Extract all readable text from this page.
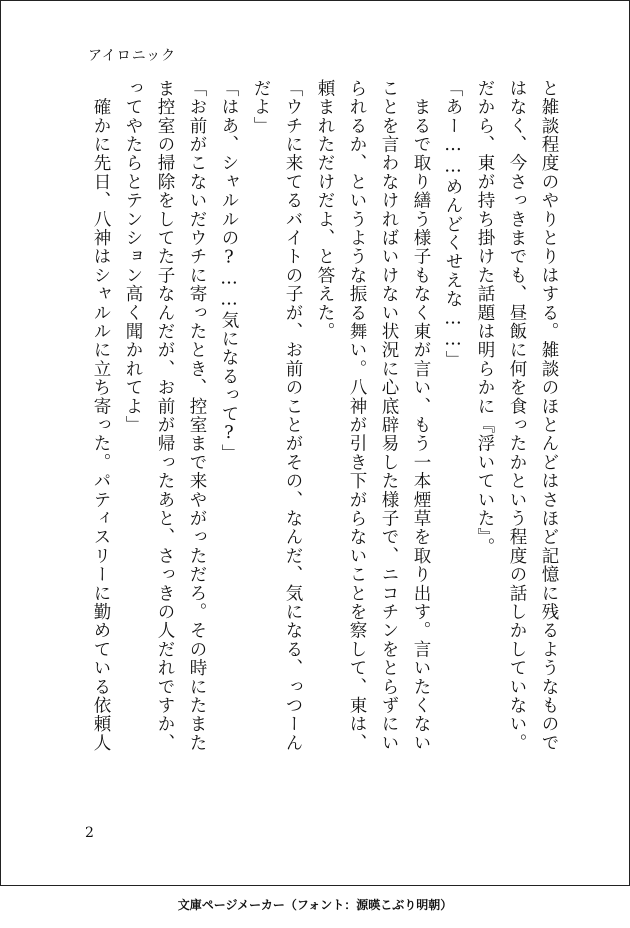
アイロニック
と雑談程度のやりとりはする。雑談のほとんどはさほど記憶に残るようなもので
はなく、今さっきまでも、昼飯に何を食ったかという程度の話しかしていない。
だから、東が持ち掛けた話題は明らかに『浮いていた』。
「あー……めんどくせえな……」
　まるで取り繕う様子もなく東が言い、もう一本煙草を取り出す。言いたくない
ことを言わなければいけない状況に心底辟易した様子で、ニコチンをとらずにい
られるか、というような振る舞い。八神が引き下がらないことを察して、東は、
頼まれただけだよ、と答えた。
「ウチに来てるバイトの子が、お前のことがその、なんだ、気になる、っつーん
だよ」
「はあ、シャルルの?……気になるって?」
「お前がこないだウチに寄ったとき、控室まで来やがっただろ。その時にたまた
ま控室の掃除をしてた子なんだが、お前が帰ったあと、さっきの人だれですか、
ってやたらとテンション高く聞かれてよ」
　確かに先日、八神はシャルルに立ち寄った。パティスリーに勤めている依頼人
2
文庫ページメーカー（フォント：源暎こぶり明朝）
